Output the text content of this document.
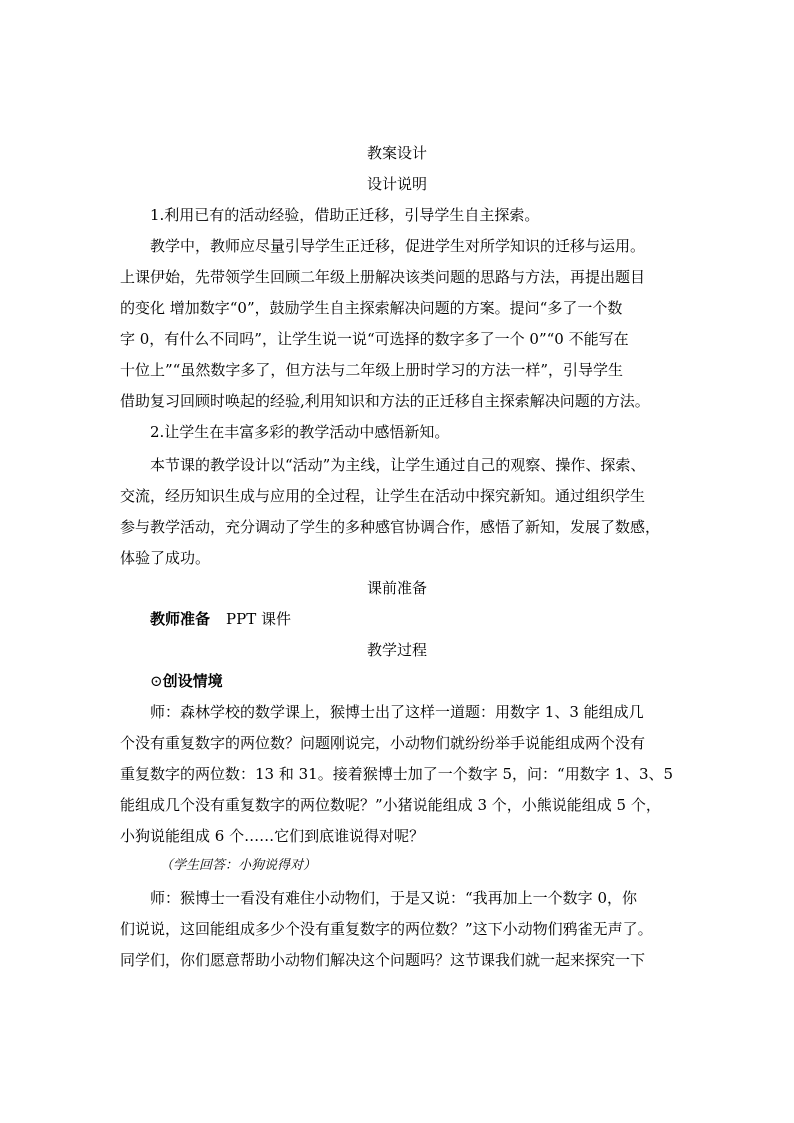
教案设计
设计说明
1.利用已有的活动经验，借助正迁移，引导学生自主探索。
教学中，教师应尽量引导学生正迁移，促进学生对所学知识的迁移与运用。
上课伊始，先带领学生回顾二年级上册解决该类问题的思路与方法，再提出题目
的变化 增加数字“0”，鼓励学生自主探索解决问题的方案。提问“多了一个数
字 0，有什么不同吗”，让学生说一说“可选择的数字多了一个 0”“0 不能写在
十位上”“虽然数字多了，但方法与二年级上册时学习的方法一样”，引导学生
借助复习回顾时唤起的经验,利用知识和方法的正迁移自主探索解决问题的方法。
2.让学生在丰富多彩的教学活动中感悟新知。
本节课的教学设计以“活动”为主线，让学生通过自己的观察、操作、探索、
交流，经历知识生成与应用的全过程，让学生在活动中探究新知。通过组织学生
参与教学活动，充分调动了学生的多种感官协调合作，感悟了新知，发展了数感，
体验了成功。
课前准备
教师准备 PPT 课件
教学过程
⊙创设情境
师：森林学校的数学课上，猴博士出了这样一道题：用数字 1、3 能组成几
个没有重复数字的两位数？问题刚说完，小动物们就纷纷举手说能组成两个没有
重复数字的两位数：13 和 31。接着猴博士加了一个数字 5，问：“用数字 1、3、5
能组成几个没有重复数字的两位数呢？”小猪说能组成 3 个，小熊说能组成 5 个，
小狗说能组成 6 个……它们到底谁说得对呢？
（学生回答：小狗说得对）
师：猴博士一看没有难住小动物们，于是又说：“我再加上一个数字 0，你
们说说，这回能组成多少个没有重复数字的两位数？”这下小动物们鸦雀无声了。
同学们，你们愿意帮助小动物们解决这个问题吗？这节课我们就一起来探究一下
